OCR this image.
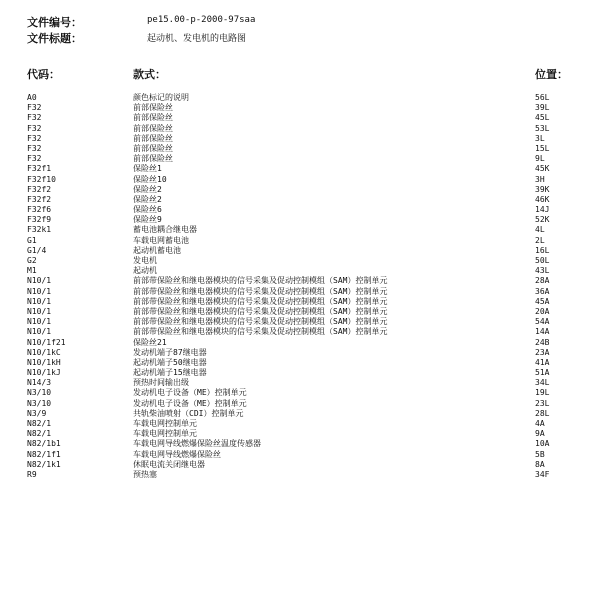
文件编号：	pe15.00-p-2000-97saa
文件标题：	起动机、发电机的电路图
代码：	款式：	位置：
A0	颜色标记的说明	56L
F32	前部保险丝	39L
F32	前部保险丝	45L
F32	前部保险丝	53L
F32	前部保险丝	3L
F32	前部保险丝	15L
F32	前部保险丝	9L
F32f1	保险丝1	45K
F32f10	保险丝10	3H
F32f2	保险丝2	39K
F32f2	保险丝2	46K
F32f6	保险丝6	14J
F32f9	保险丝9	52K
F32k1	蓄电池耦合继电器	4L
G1	车载电网蓄电池	2L
G1/4	起动机蓄电池	16L
G2	发电机	50L
M1	起动机	43L
N10/1	前部带保险丝和继电器模块的信号采集及促动控制模组（SAM）控制单元	28A
N10/1	前部带保险丝和继电器模块的信号采集及促动控制模组（SAM）控制单元	36A
N10/1	前部带保险丝和继电器模块的信号采集及促动控制模组（SAM）控制单元	45A
N10/1	前部带保险丝和继电器模块的信号采集及促动控制模组（SAM）控制单元	20A
N10/1	前部带保险丝和继电器模块的信号采集及促动控制模组（SAM）控制单元	54A
N10/1	前部带保险丝和继电器模块的信号采集及促动控制模组（SAM）控制单元	14A
N10/1f21	保险丝21	24B
N10/1kC	发动机端子87继电器	23A
N10/1kH	起动机端子50继电器	41A
N10/1kJ	起动机端子15继电器	51A
N14/3	预热时间输出级	34L
N3/10	发动机电子设备（ME）控制单元	19L
N3/10	发动机电子设备（ME）控制单元	23L
N3/9	共轨柴油喷射（CDI）控制单元	28L
N82/1	车载电网控制单元	4A
N82/1	车载电网控制单元	9A
N82/1b1	车载电网导线燃爆保险丝温度传感器	10A
N82/1f1	车载电网导线燃爆保险丝	5B
N82/1k1	休眠电流关闭继电器	8A
R9	预热塞	34F
